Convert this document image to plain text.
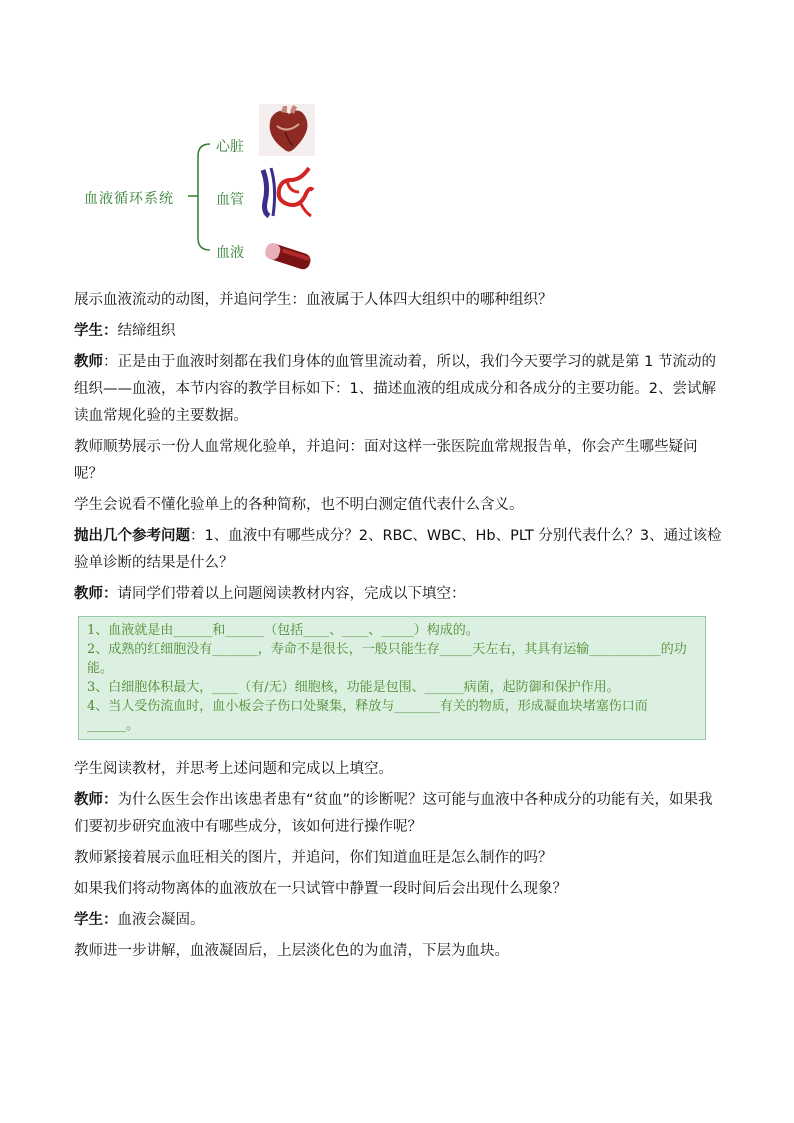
血液循环系统
心脏
血管
血液

展示血液流动的动图，并追问学生：血液属于人体四大组织中的哪种组织？

学生：结缔组织

教师：正是由于血液时刻都在我们身体的血管里流动着，所以，我们今天要学习的就是第 1 节流动的组织——血液，本节内容的教学目标如下：1、描述血液的组成成分和各成分的主要功能。2、尝试解读血常规化验的主要数据。

教师顺势展示一份人血常规化验单，并追问：面对这样一张医院血常规报告单，你会产生哪些疑问呢？

学生会说看不懂化验单上的各种简称，也不明白测定值代表什么含义。

抛出几个参考问题：1、血液中有哪些成分？2、RBC、WBC、Hb、PLT 分别代表什么？3、通过该检验单诊断的结果是什么？

教师：请同学们带着以上问题阅读教材内容，完成以下填空：

1、血液就是由______和______（包括____、____、_____）构成的。
2、成熟的红细胞没有_______，寿命不是很长，一般只能生存_____天左右，其具有运输___________的功能。
3、白细胞体积最大，____（有/无）细胞核，功能是包围、______病菌，起防御和保护作用。
4、当人受伤流血时，血小板会子伤口处聚集，释放与_______有关的物质，形成凝血块堵塞伤口而______。

学生阅读教材，并思考上述问题和完成以上填空。

教师：为什么医生会作出该患者患有“贫血”的诊断呢？这可能与血液中各种成分的功能有关，如果我们要初步研究血液中有哪些成分，该如何进行操作呢？

教师紧接着展示血旺相关的图片，并追问，你们知道血旺是怎么制作的吗？

如果我们将动物离体的血液放在一只试管中静置一段时间后会出现什么现象？

学生：血液会凝固。

教师进一步讲解，血液凝固后，上层淡化色的为血清，下层为血块。
